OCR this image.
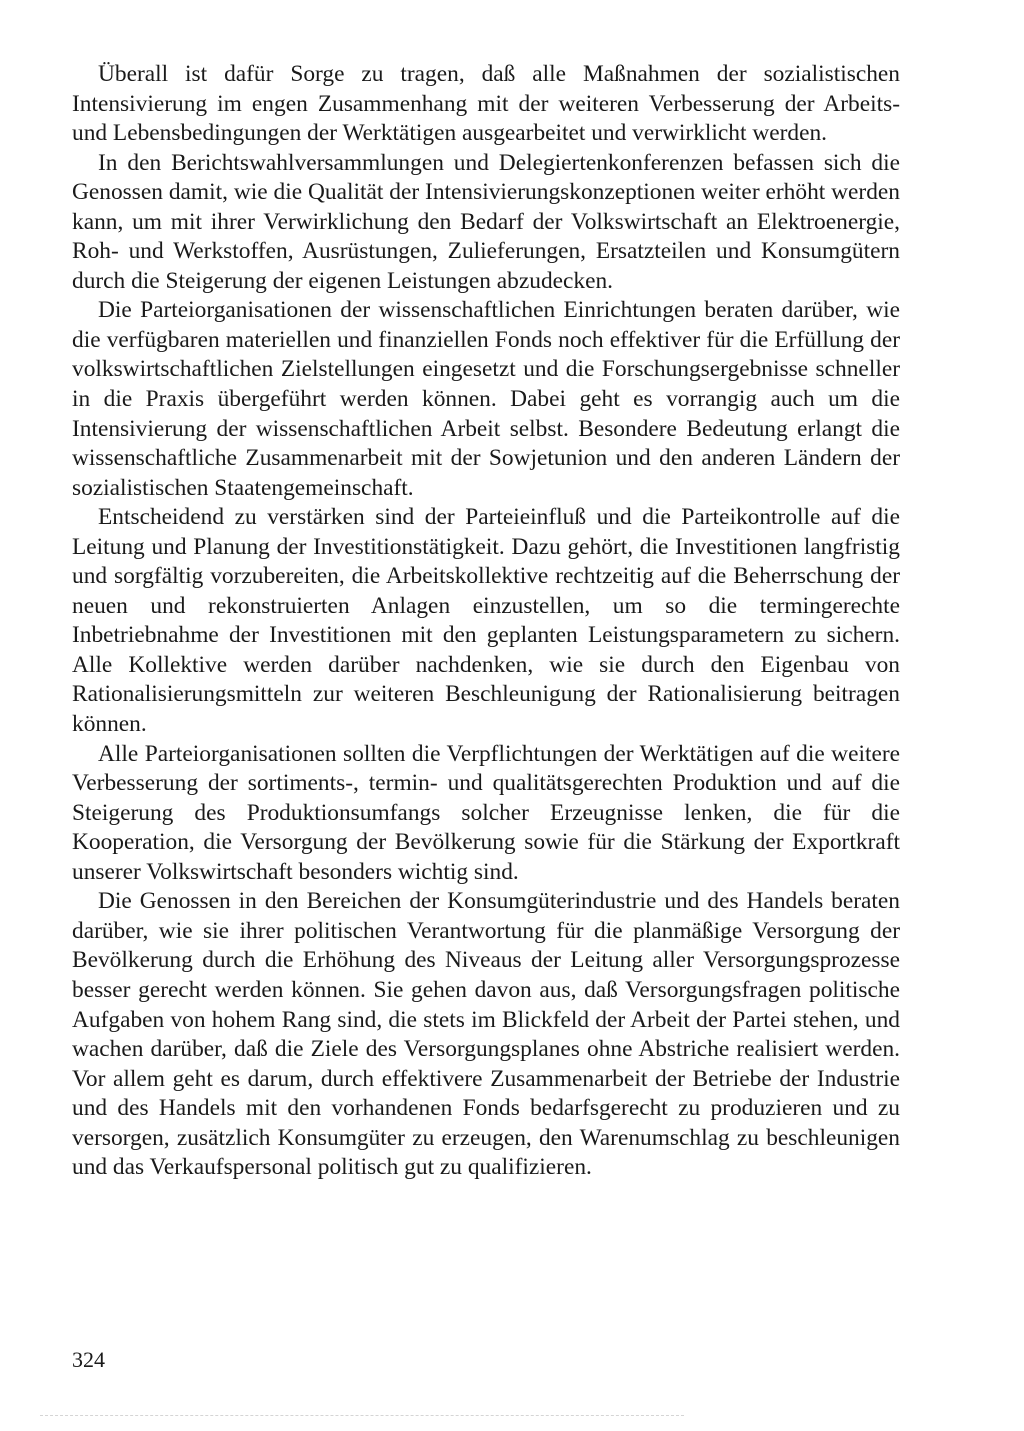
Überall ist dafür Sorge zu tragen, daß alle Maßnahmen der sozialistischen Intensivierung im engen Zusammenhang mit der weiteren Verbesserung der Arbeits- und Lebensbedingungen der Werktätigen ausgearbeitet und verwirklicht werden.

In den Berichtswahlversammlungen und Delegiertenkonferenzen befassen sich die Genossen damit, wie die Qualität der Intensivierungskonzeptionen weiter erhöht werden kann, um mit ihrer Verwirklichung den Bedarf der Volkswirtschaft an Elektroenergie, Roh- und Werkstoffen, Ausrüstungen, Zulieferungen, Ersatzteilen und Konsumgütern durch die Steigerung der eigenen Leistungen abzudecken.

Die Parteiorganisationen der wissenschaftlichen Einrichtungen beraten darüber, wie die verfügbaren materiellen und finanziellen Fonds noch effektiver für die Erfüllung der volkswirtschaftlichen Zielstellungen eingesetzt und die Forschungsergebnisse schneller in die Praxis übergeführt werden können. Dabei geht es vorrangig auch um die Intensivierung der wissenschaftlichen Arbeit selbst. Besondere Bedeutung erlangt die wissenschaftliche Zusammenarbeit mit der Sowjetunion und den anderen Ländern der sozialistischen Staatengemeinschaft.

Entscheidend zu verstärken sind der Parteieinfluß und die Parteikontrolle auf die Leitung und Planung der Investitionstätigkeit. Dazu gehört, die Investitionen langfristig und sorgfältig vorzubereiten, die Arbeitskollektive rechtzeitig auf die Beherrschung der neuen und rekonstruierten Anlagen einzustellen, um so die termingerechte Inbetriebnahme der Investitionen mit den geplanten Leistungsparametern zu sichern. Alle Kollektive werden darüber nachdenken, wie sie durch den Eigenbau von Rationalisierungsmitteln zur weiteren Beschleunigung der Rationalisierung beitragen können.

Alle Parteiorganisationen sollten die Verpflichtungen der Werktätigen auf die weitere Verbesserung der sortiments-, termin- und qualitätsgerechten Produktion und auf die Steigerung des Produktionsumfangs solcher Erzeugnisse lenken, die für die Kooperation, die Versorgung der Bevölkerung sowie für die Stärkung der Exportkraft unserer Volkswirtschaft besonders wichtig sind.

Die Genossen in den Bereichen der Konsumgüterindustrie und des Handels beraten darüber, wie sie ihrer politischen Verantwortung für die planmäßige Versorgung der Bevölkerung durch die Erhöhung des Niveaus der Leitung aller Versorgungsprozesse besser gerecht werden können. Sie gehen davon aus, daß Versorgungsfragen politische Aufgaben von hohem Rang sind, die stets im Blickfeld der Arbeit der Partei stehen, und wachen darüber, daß die Ziele des Versorgungsplanes ohne Abstriche realisiert werden. Vor allem geht es darum, durch effektivere Zusammenarbeit der Betriebe der Industrie und des Handels mit den vorhandenen Fonds bedarfsgerecht zu produzieren und zu versorgen, zusätzlich Konsumgüter zu erzeugen, den Warenumschlag zu beschleunigen und das Verkaufspersonal politisch gut zu qualifizieren.

324
